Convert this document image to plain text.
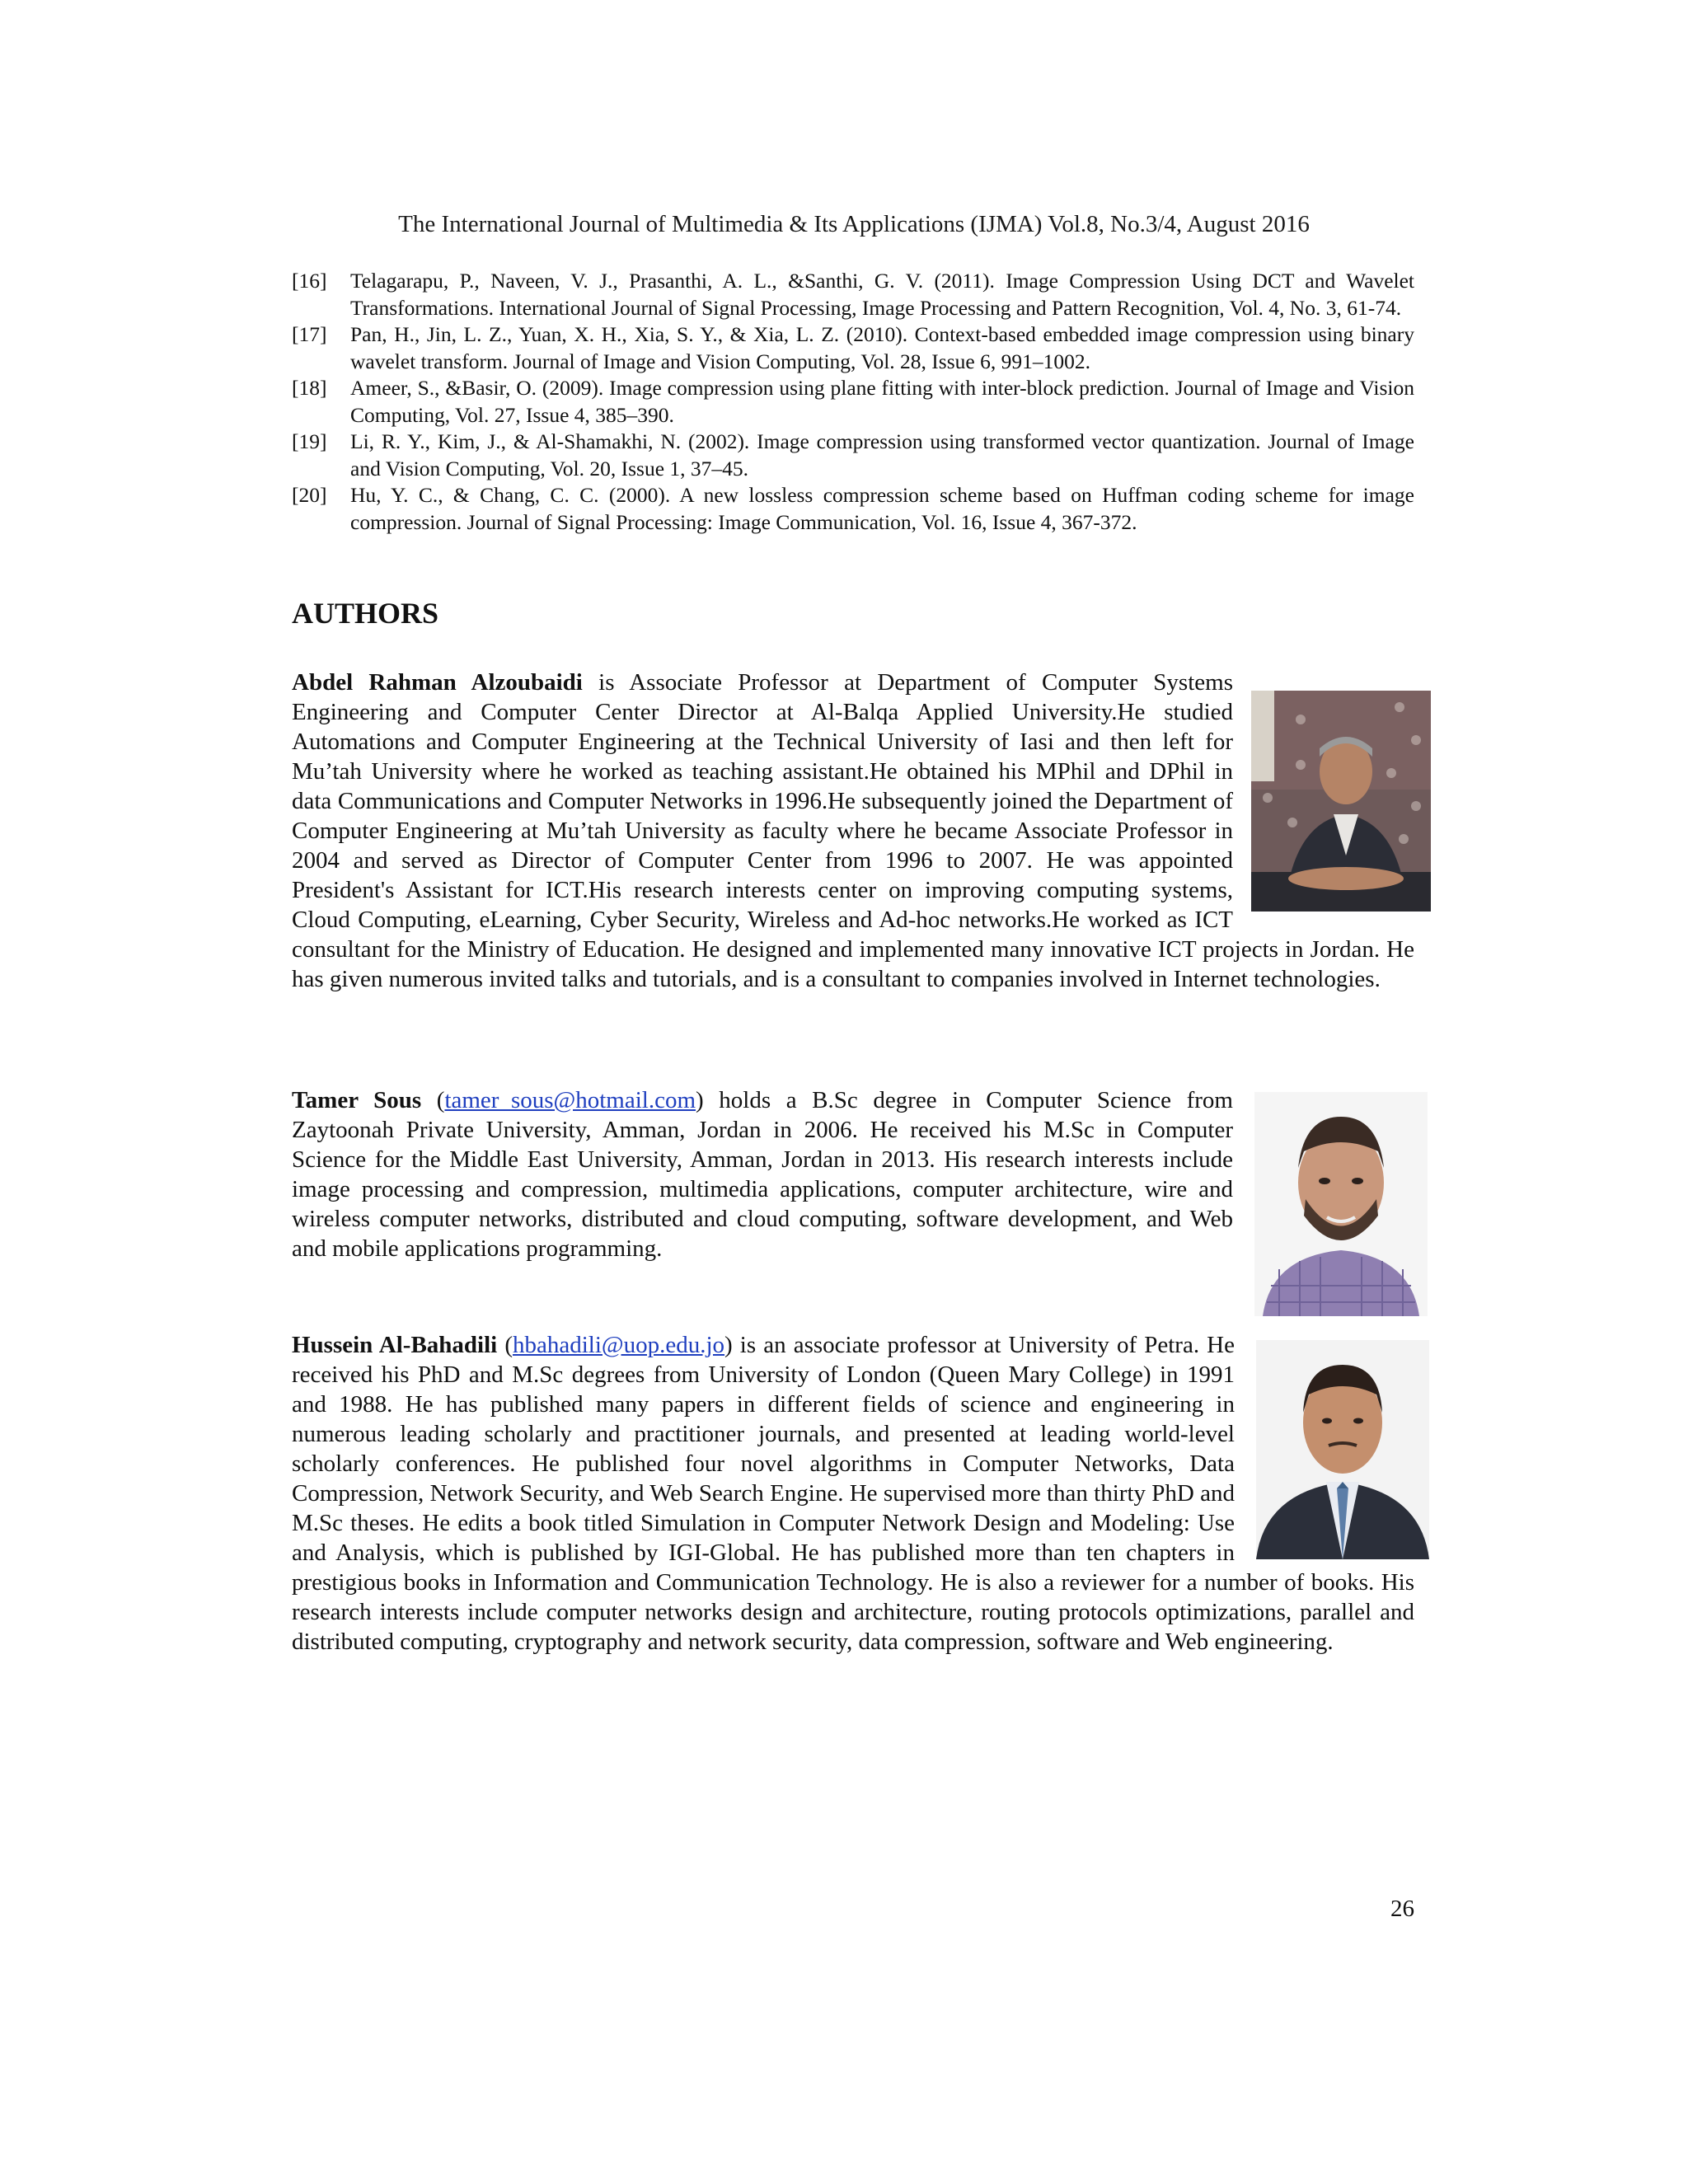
The International Journal of Multimedia & Its Applications (IJMA) Vol.8, No.3/4, August 2016
[16]	Telagarapu, P., Naveen, V. J., Prasanthi, A. L., &Santhi, G. V. (2011). Image Compression Using DCT and Wavelet Transformations. International Journal of Signal Processing, Image Processing and Pattern Recognition, Vol. 4, No. 3, 61-74.
[17]	Pan, H., Jin, L. Z., Yuan, X. H., Xia, S. Y., & Xia, L. Z. (2010). Context-based embedded image compression using binary wavelet transform. Journal of Image and Vision Computing, Vol. 28, Issue 6, 991–1002.
[18]	Ameer, S., &Basir, O. (2009). Image compression using plane fitting with inter-block prediction. Journal of Image and Vision Computing, Vol. 27, Issue 4, 385–390.
[19]	Li, R. Y., Kim, J., & Al-Shamakhi, N. (2002). Image compression using transformed vector quantization. Journal of Image and Vision Computing, Vol. 20, Issue 1, 37–45.
[20]	Hu, Y. C., & Chang, C. C. (2000). A new lossless compression scheme based on Huffman coding scheme for image compression. Journal of Signal Processing: Image Communication, Vol. 16, Issue 4, 367-372.
AUTHORS

Abdel Rahman Alzoubaidi is Associate Professor at Department of Computer Systems Engineering and Computer Center Director at Al-Balqa Applied University.He studied Automations and Computer Engineering at the Technical University of Iasi and then left for Mu’tah University where he worked as teaching assistant.He obtained his MPhil and DPhil in data Communications and Computer Networks in 1996.He subsequently joined the Department of Computer Engineering at Mu’tah University as faculty where he became Associate Professor in 2004 and served as Director of Computer Center from 1996 to 2007. He was appointed President's Assistant for ICT.His research interests center on improving computing systems, Cloud Computing, eLearning, Cyber Security, Wireless and Ad-hoc networks.He worked as ICT consultant for the Ministry of Education. He designed and implemented many innovative ICT projects in Jordan. He has given numerous invited talks and tutorials, and is a consultant to companies involved in Internet technologies.

Tamer Sous (tamer_sous@hotmail.com) holds a B.Sc degree in Computer Science from Zaytoonah Private University, Amman, Jordan in 2006. He received his M.Sc in Computer Science for the Middle East University, Amman, Jordan in 2013. His research interests include image processing and compression, multimedia applications, computer architecture, wire and wireless computer networks, distributed and cloud computing, software development, and Web and mobile applications programming.

Hussein Al-Bahadili (hbahadili@uop.edu.jo) is an associate professor at University of Petra. He received his PhD and M.Sc degrees from University of London (Queen Mary College) in 1991 and 1988. He has published many papers in different fields of science and engineering in numerous leading scholarly and practitioner journals, and presented at leading world-level scholarly conferences. He published four novel algorithms in Computer Networks, Data Compression, Network Security, and Web Search Engine. He supervised more than thirty PhD and M.Sc theses. He edits a book titled Simulation in Computer Network Design and Modeling: Use and Analysis, which is published by IGI-Global. He has published more than ten chapters in prestigious books in Information and Communication Technology. He is also a reviewer for a number of books. His research interests include computer networks design and architecture, routing protocols optimizations, parallel and distributed computing, cryptography and network security, data compression, software and Web engineering.

26
